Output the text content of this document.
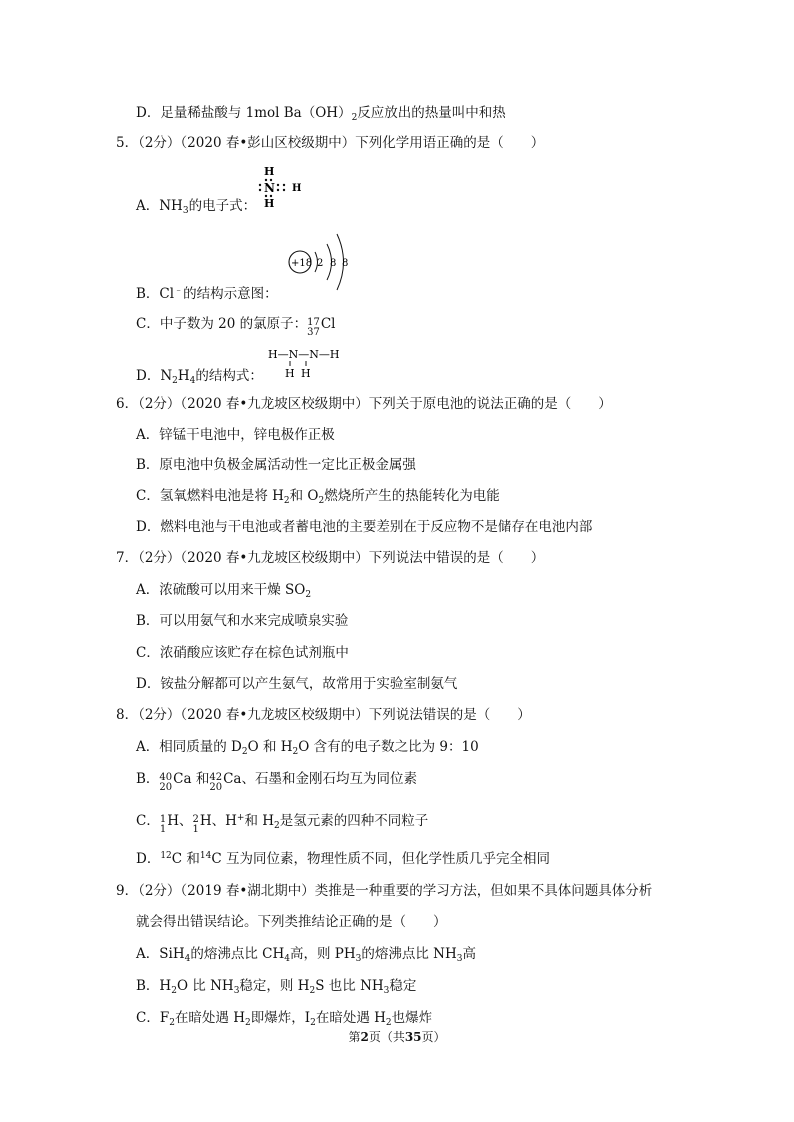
D．足量稀盐酸与 1mol $Ba(OH)_2$反应放出的热量叫中和热
5．（2分）（2020 春•彭山区校级期中）下列化学用语正确的是（　　）
H
N H
H
A．$NH_3$的电子式：
+18 2 8 8
B．Cl﹣的结构示意图：
C．中子数为 20 的氯原子： 17
37
Cl
H—N—N—H
H H
D．$N_2H_4$的结构式：
6．（2分）（2020 春•九龙坡区校级期中）下列关于原电池的说法正确的是（　　）
A．锌锰干电池中，锌电极作正极
B．原电池中负极金属活动性一定比正极金属强
C．氢氧燃料电池是将 $H_2$和 $O_2$燃烧所产生的热能转化为电能
D．燃料电池与干电池或者蓄电池的主要差别在于反应物不是储存在电池内部
7．（2分）（2020 春•九龙坡区校级期中）下列说法中错误的是（　　）
A．浓硫酸可以用来干燥 $SO_2$
B．可以用氨气和水来完成喷泉实验
C．浓硝酸应该贮存在棕色试剂瓶中
D．铵盐分解都可以产生氨气，故常用于实验室制氨气
8．（2分）（2020 春•九龙坡区校级期中）下列说法错误的是（　　）
A．相同质量的 $D_2O$ 和 $H_2O$ 含有的电子数之比为 9：10
B． 40
20
Ca 和 42
20
Ca、石墨和金刚石均互为同位素
C． 1
1
H、 2
1
H、H+和 $H_2$是氢元素的四种不同粒子
D．$^{12}$C 和$^{14}$C 互为同位素，物理性质不同，但化学性质几乎完全相同
9．（2分）（2019 春•湖北期中）类推是一种重要的学习方法，但如果不具体问题具体分析
就会得出错误结论。下列类推结论正确的是（　　）
A．SiH$_4$的熔沸点比 $CH_4$高，则 $PH_3$的熔沸点比 $NH_3$高
B．$H_2O$ 比 $NH_3$稳定，则 $H_2S$ 也比 $NH_3$稳定
C．$F_2$在暗处遇 $H_2$即爆炸，$I_2$在暗处遇 $H_2$也爆炸
第2页（共35页）
